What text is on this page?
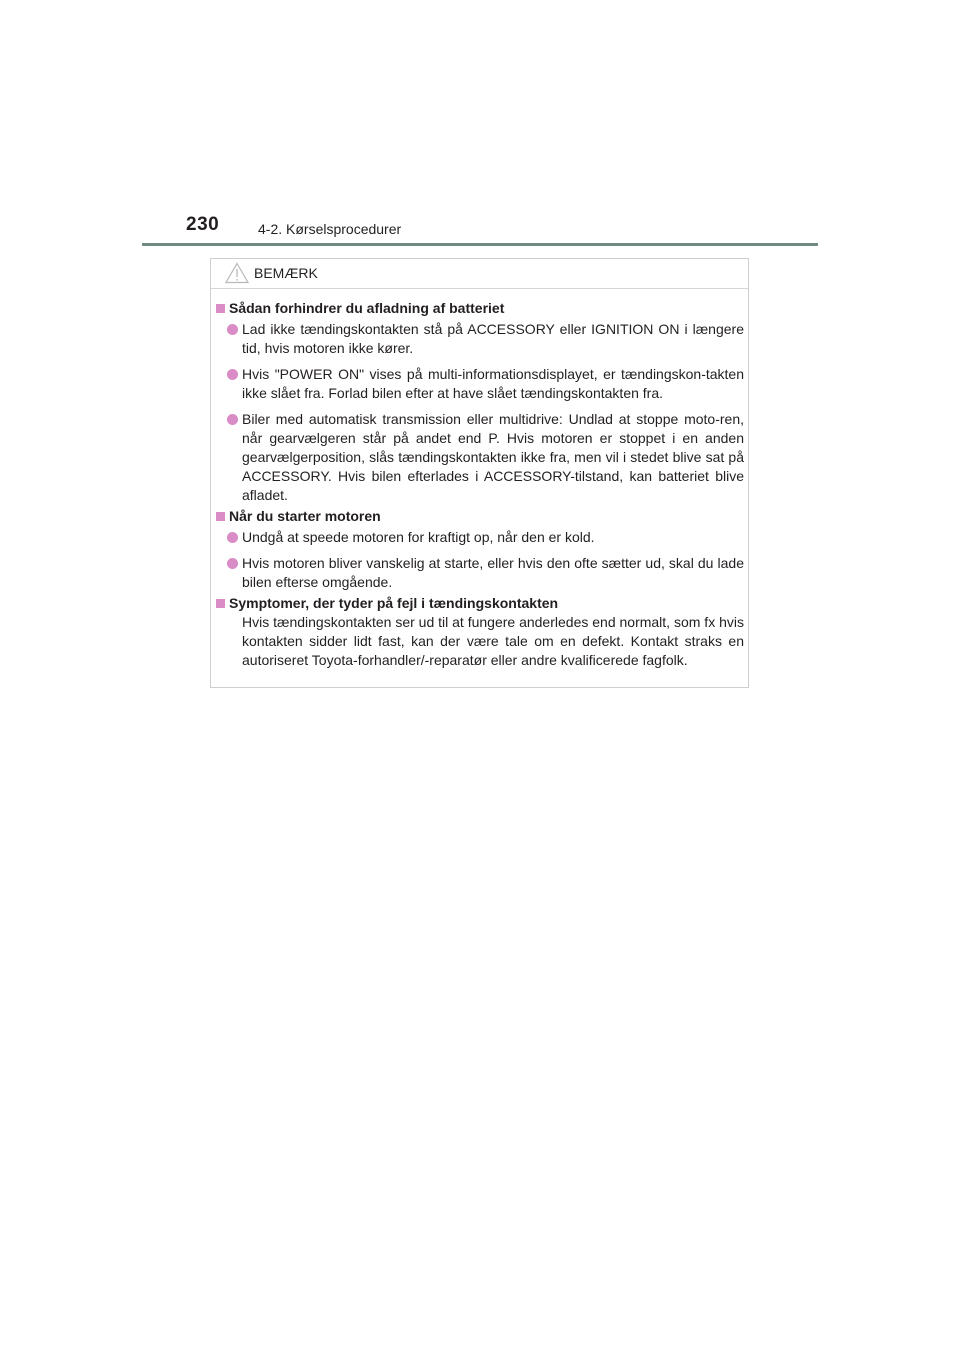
230	4-2. Kørselsprocedurer
BEMÆRK
Sådan forhindrer du afladning af batteriet
Lad ikke tændingskontakten stå på ACCESSORY eller IGNITION ON i længere tid, hvis motoren ikke kører.
Hvis "POWER ON" vises på multi-informationsdisplayet, er tændingskon-takten ikke slået fra. Forlad bilen efter at have slået tændingskontakten fra.
Biler med automatisk transmission eller multidrive: Undlad at stoppe moto-ren, når gearvælgeren står på andet end P. Hvis motoren er stoppet i en anden gearvælgerposition, slås tændingskontakten ikke fra, men vil i stedet blive sat på ACCESSORY. Hvis bilen efterlades i ACCESSORY-tilstand, kan batteriet blive afladet.
Når du starter motoren
Undgå at speede motoren for kraftigt op, når den er kold.
Hvis motoren bliver vanskelig at starte, eller hvis den ofte sætter ud, skal du lade bilen efterse omgående.
Symptomer, der tyder på fejl i tændingskontakten
Hvis tændingskontakten ser ud til at fungere anderledes end normalt, som fx hvis kontakten sidder lidt fast, kan der være tale om en defekt. Kontakt straks en autoriseret Toyota-forhandler/-reparatør eller andre kvalificerede fagfolk.
